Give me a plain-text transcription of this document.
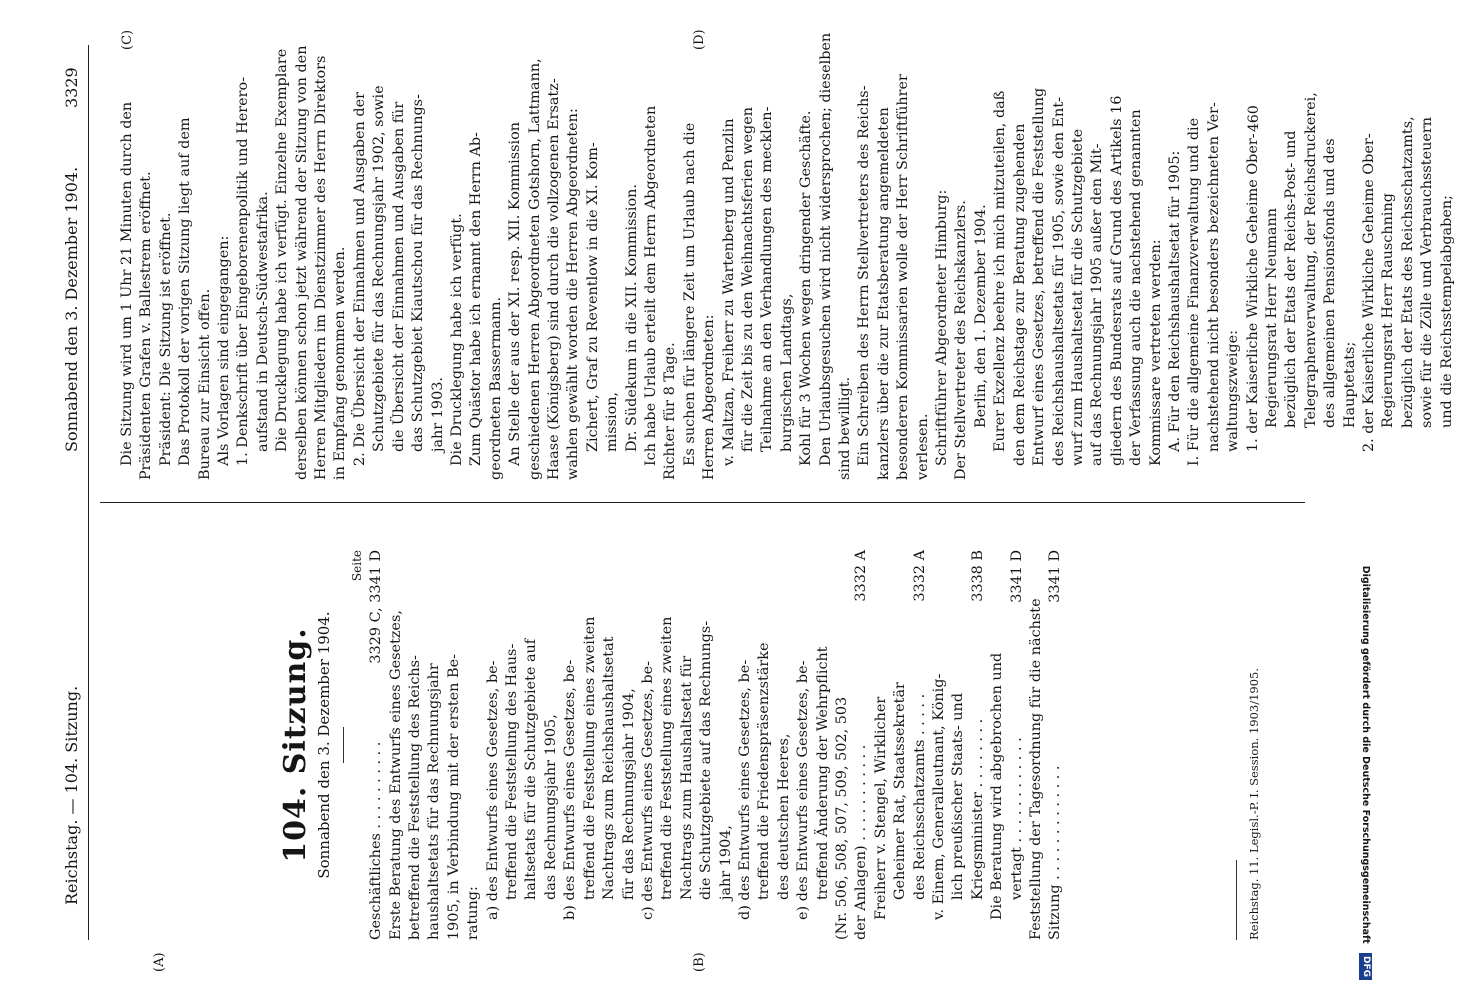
Reichstag. — 104. Sitzung.
Sonnabend den 3. Dezember 1904.
3329
(A)	(B)
(C)	(D)
104. Sitzung. Sonnabend den 3. Dezember 1904.
Seite
Geschäftliches . . . . . . . . . .
3329 C, 3341 D
Erste Beratung des Entwurfs eines Gesetzes, betreffend die Feststellung des Reichs- haushaltsetats für das Rechnungsjahr 1905, in Verbindung mit der ersten Be- ratung: a) des Entwurfs eines Gesetzes, be- treffend die Feststellung des Haus- haltsetats für die Schutzgebiete auf das Rechnungsjahr 1905, b) des Entwurfs eines Gesetzes, be- treffend die Feststellung eines zweiten Nachtrags zum Reichshaushaltsetat für das Rechnungsjahr 1904, c) des Entwurfs eines Gesetzes, be- treffend die Feststellung eines zweiten Nachtrags zum Haushaltsetat für die Schutzgebiete auf das Rechnungs- jahr 1904, d) des Entwurfs eines Gesetzes, be- treffend die Friedenspräsenzstärke des deutschen Heeres, e) des Entwurfs eines Gesetzes, be- treffend Änderung der Wehrpflicht (Nr. 506, 508, 507, 509, 502, 503 der Anlagen) . . . . . . . . . . .
3332 A
Freiherr v. Stengel, Wirklicher Geheimer Rat, Staatssekretär des Reichsschatzamts . . . . .
3332 A
v. Einem, Generalleutnant, König- lich preußischer Staats- und Kriegsminister . . . . . . . .
3338 B
Die Beratung wird abgebrochen und vertagt . . . . . . . . . . . .
3341 D
Feststellung der Tagesordnung für die nächste Sitzung . . . . . . . . . . . . .
3341 D
Die Sitzung wird um 1 Uhr 21 Minuten durch den Präsidenten Grafen v. Ballestrem eröffnet. Präsident: Die Sitzung ist eröffnet. Das Protokoll der vorigen Sitzung liegt auf dem Bureau zur Einsicht offen. Als Vorlagen sind eingegangen: 1. Denkschrift über Eingeborenenpolitik und Herero- aufstand in Deutsch-Südwestafrika. Die Drucklegung habe ich verfügt. Einzelne Exemplare derselben können schon jetzt während der Sitzung von den Herren Mitgliedern im Dienstzimmer des Herrn Direktors in Empfang genommen werden. 2. Die Übersicht der Einnahmen und Ausgaben der Schutzgebiete für das Rechnungsjahr 1902, sowie die Übersicht der Einnahmen und Ausgaben für das Schutzgebiet Kiautschou für das Rechnungs- jahr 1903. Die Drucklegung habe ich verfügt. Zum Quästor habe ich ernannt den Herrn Ab- geordneten Bassermann. An Stelle der aus der XI. resp. XII. Kommission geschiedenen Herren Abgeordneten Gotshorn, Lattmann, Haase (Königsberg) sind durch die vollzogenen Ersatz- wahlen gewählt worden die Herren Abgeordneten: Zichert, Graf zu Reventlow in die XI. Kom- mission, Dr. Südekum in die XII. Kommission. Ich habe Urlaub erteilt dem Herrn Abgeordneten Richter für 8 Tage. Es suchen für längere Zeit um Urlaub nach die Herren Abgeordneten: v. Maltzan, Freiherr zu Wartenberg und Penzlin für die Zeit bis zu den Weihnachtsferien wegen Teilnahme an den Verhandlungen des mecklen- burgischen Landtags, Kohl für 3 Wochen wegen dringender Geschäfte. Den Urlaubsgesuchen wird nicht widersprochen; dieselben sind bewilligt. Ein Schreiben des Herrn Stellvertreters des Reichs- kanzlers über die zur Etatsberatung angemeldeten besonderen Kommissarien wolle der Herr Schriftführer verlesen. Schriftführer Abgeordneter Himburg: Der Stellvertreter des Reichskanzlers. Berlin, den 1. Dezember 1904. Eurer Exzellenz beehre ich mich mitzuteilen, daß den dem Reichstage zur Beratung zugehenden Entwurf eines Gesetzes, betreffend die Feststellung des Reichshaushaltsetats für 1905, sowie den Ent- wurf zum Haushaltsetat für die Schutzgebiete auf das Rechnungsjahr 1905 außer den Mit- gliedern des Bundesrats auf Grund des Artikels 16 der Verfassung auch die nachstehend genannten Kommissare vertreten werden: A. Für den Reichshaushaltsetat für 1905: I. Für die allgemeine Finanzverwaltung und die nachstehend nicht besonders bezeichneten Ver- waltungszweige: 1. der Kaiserliche Wirkliche Geheime Ober- Regierungsrat Herr Neumann bezüglich der Etats der Reichs-Post- und Telegraphenverwaltung, der Reichsdruckerei, des allgemeinen Pensionsfonds und des Hauptetats; 2. der Kaiserliche Wirkliche Geheime Ober- Regierungsrat Herr Rauschning bezüglich der Etats des Reichsschatzamts, sowie für die Zölle und Verbrauchssteuern und die Reichsstempelabgaben;
Reichstag. 11. Legisl.-P. I. Session. 1903/1905.
460
Digitalisierung gefördert durch die Deutsche Forschungsgemeinschaft DFG
